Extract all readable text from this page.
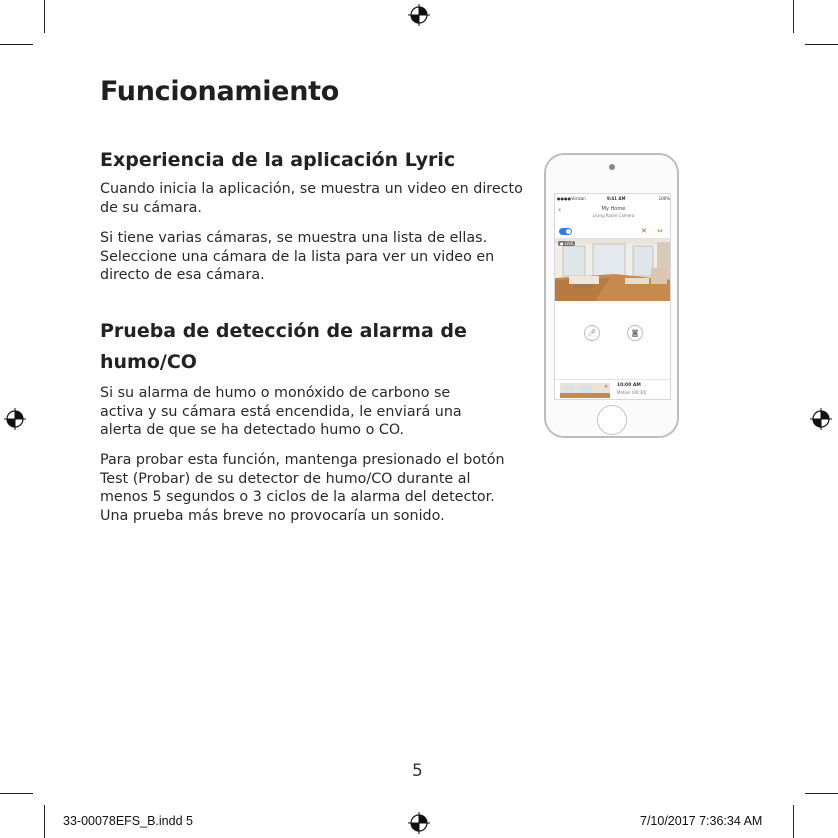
Funcionamiento
Experiencia de la aplicación Lyric

Cuando inicia la aplicación, se muestra un video en directo de su cámara.

Si tiene varias cámaras, se muestra una lista de ellas. Seleccione una cámara de la lista para ver un video en directo de esa cámara.

Prueba de detección de alarma de humo/CO

Si su alarma de humo o monóxido de carbono se activa y su cámara está encendida, le enviará una alerta de que se ha detectado humo o CO.

Para probar esta función, mantenga presionado el botón Test (Probar) de su detector de humo/CO durante al menos 5 segundos o 3 ciclos de la alarma del detector. Una prueba más breve no provocaría un sonido.

●●●●Verizon	9:41 AM	100%
‹	My Home
Living Room Camera
✕ ⇔
● LIVE
🎤︎	◙
✕ 10:00 AM
Motion (00:30)
5
33-00078EFS_B.indd 5	7/10/2017 7:36:34 AM
